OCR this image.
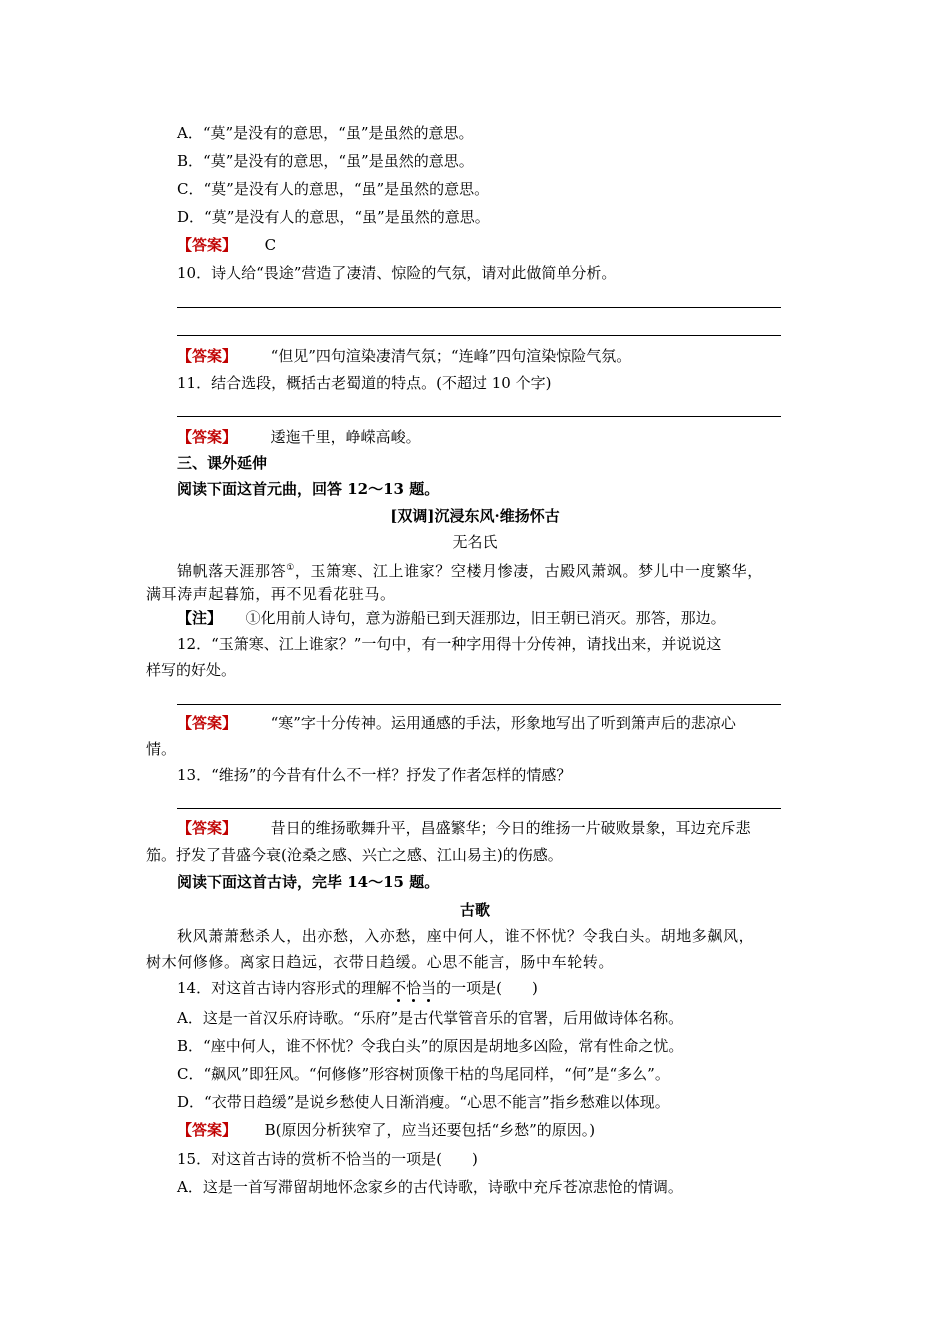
A．“莫”是没有的意思，“虽”是虽然的意思。
B．“莫”是没有的意思，“虽”是虽然的意思。
C．“莫”是没有人的意思，“虽”是虽然的意思。
D．“莫”是没有人的意思，“虽”是虽然的意思。
【答案】 C
10．诗人给“畏途”营造了凄清、惊险的气氛，请对此做简单分析。
【答案】 “但见”四句渲染凄清气氛；“连峰”四句渲染惊险气氛。
11．结合选段，概括古老蜀道的特点。(不超过 10 个字)
【答案】 逶迤千里，峥嵘高峻。
三、课外延伸
阅读下面这首元曲，回答 12～13 题。
[双调]沉浸东风·维扬怀古
无名氏
锦帆落天涯那答①，玉箫寒、江上谁家？空楼月惨凄，古殿风萧飒。梦儿中一度繁华，
满耳涛声起暮笳，再不见看花驻马。
【注】 ①化用前人诗句，意为游船已到天涯那边，旧王朝已消灭。那答，那边。
12．“玉箫寒、江上谁家？”一句中，有一种字用得十分传神，请找出来，并说说这
样写的好处。
【答案】 “寒”字十分传神。运用通感的手法，形象地写出了听到箫声后的悲凉心
情。
13．“维扬”的今昔有什么不一样？抒发了作者怎样的情感？
【答案】 昔日的维扬歌舞升平，昌盛繁华；今日的维扬一片破败景象，耳边充斥悲
笳。抒发了昔盛今衰(沧桑之感、兴亡之感、江山易主)的伤感。
阅读下面这首古诗，完毕 14～15 题。
古歌
秋风萧萧愁杀人，出亦愁，入亦愁，座中何人，谁不怀忧？令我白头。胡地多飙风，
树木何修修。离家日趋远，衣带日趋缓。心思不能言，肠中车轮转。
14．对这首古诗内容形式的理解不恰当的一项是(　　)
A．这是一首汉乐府诗歌。“乐府”是古代掌管音乐的官署，后用做诗体名称。
B．“座中何人，谁不怀忧？令我白头”的原因是胡地多凶险，常有性命之忧。
C．“飙风”即狂风。“何修修”形容树顶像干枯的鸟尾同样，“何”是“多么”。
D．“衣带日趋缓”是说乡愁使人日渐消瘦。“心思不能言”指乡愁难以体现。
【答案】 B(原因分析狭窄了，应当还要包括“乡愁”的原因。)
15．对这首古诗的赏析不恰当的一项是(　　)
A．这是一首写滞留胡地怀念家乡的古代诗歌，诗歌中充斥苍凉悲怆的情调。
